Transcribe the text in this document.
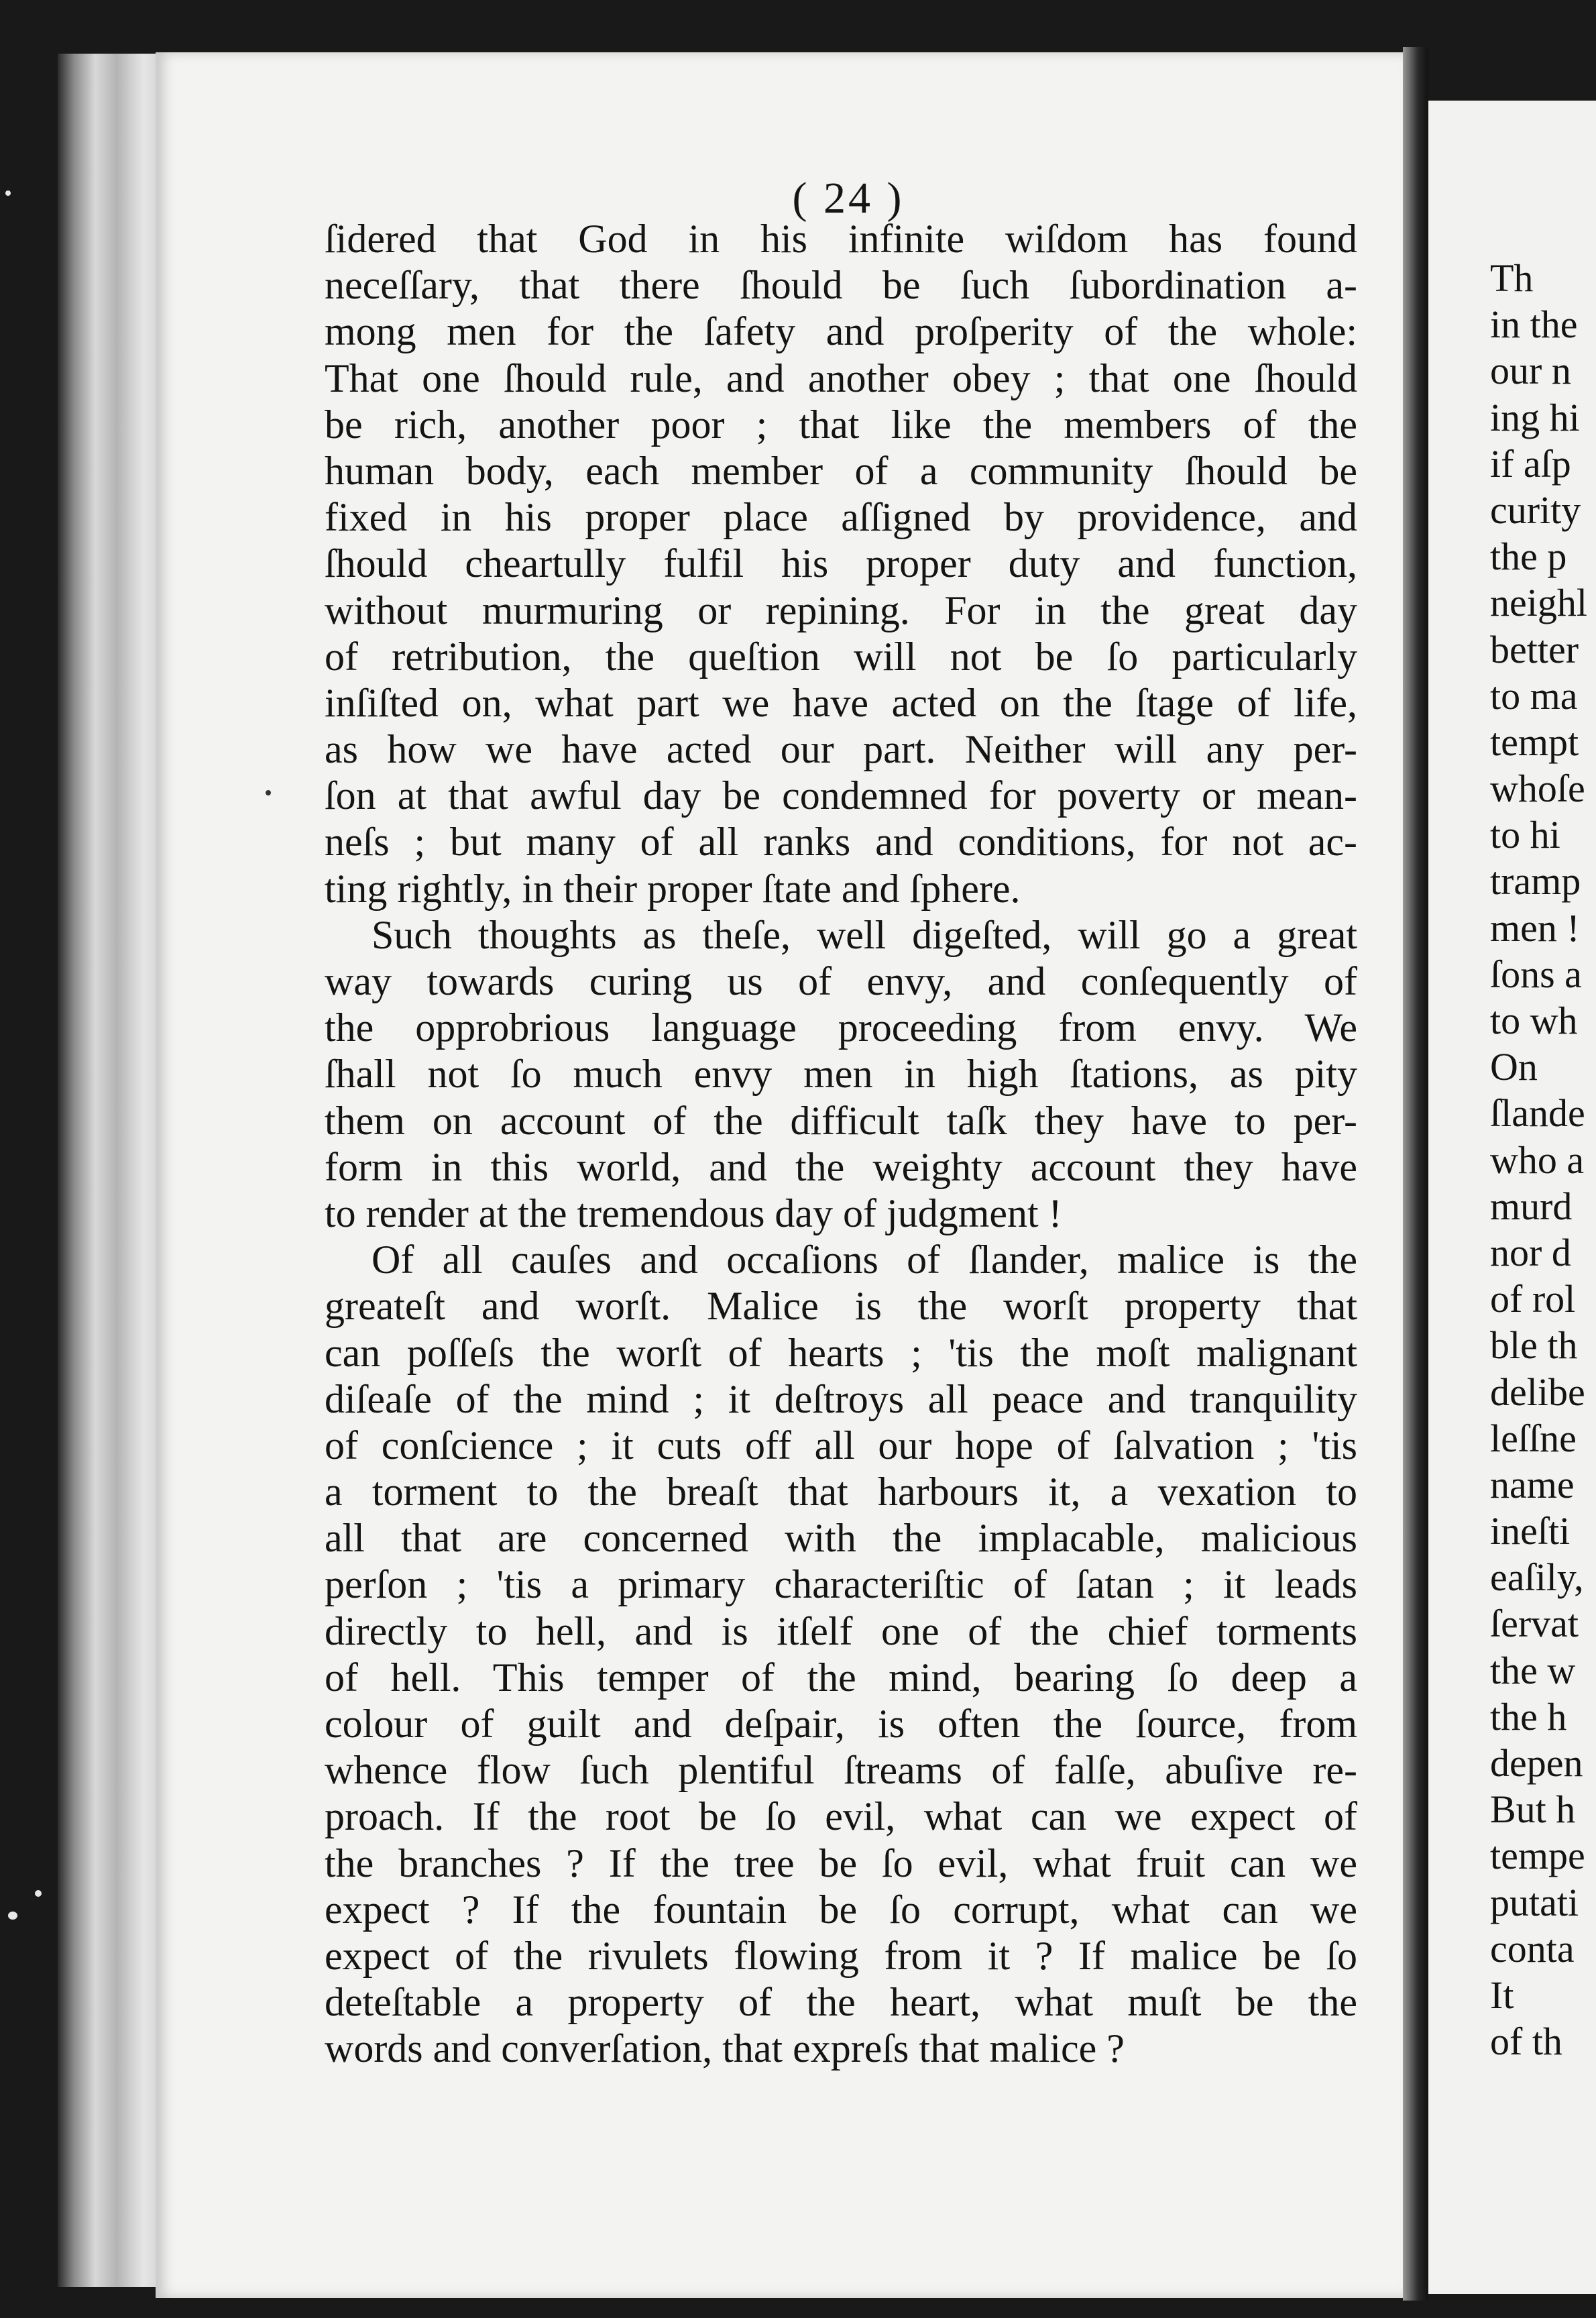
( 24 )
ſidered that God in his infinite wiſdom has found
neceſſary, that there ſhould be ſuch ſubordination a-
mong men for the ſafety and proſperity of the whole:
That one ſhould rule, and another obey ; that one ſhould
be rich, another poor ; that like the members of the
human body, each member of a community ſhould be
fixed in his proper place aſſigned by providence, and
ſhould cheartully fulfil his proper duty and function,
without murmuring or repining. For in the great day
of retribution, the queſtion will not be ſo particularly
inſiſted on, what part we have acted on the ſtage of life,
as how we have acted our part. Neither will any per-
ſon at that awful day be condemned for poverty or mean-
neſs ; but many of all ranks and conditions, for not ac-
ting rightly, in their proper ſtate and ſphere.
Such thoughts as theſe, well digeſted, will go a great
way towards curing us of envy, and conſequently of
the opprobrious language proceeding from envy. We
ſhall not ſo much envy men in high ſtations, as pity
them on account of the difficult taſk they have to per-
form in this world, and the weighty account they have
to render at the tremendous day of judgment !
Of all cauſes and occaſions of ſlander, malice is the
greateſt and worſt. Malice is the worſt property that
can poſſeſs the worſt of hearts ; 'tis the moſt malignant
diſeaſe of the mind ; it deſtroys all peace and tranquility
of conſcience ; it cuts off all our hope of ſalvation ; 'tis
a torment to the breaſt that harbours it, a vexation to
all that are concerned with the implacable, malicious
perſon ; 'tis a primary characteriſtic of ſatan ; it leads
directly to hell, and is itſelf one of the chief torments
of hell. This temper of the mind, bearing ſo deep a
colour of guilt and deſpair, is often the ſource, from
whence flow ſuch plentiful ſtreams of falſe, abuſive re-
proach. If the root be ſo evil, what can we expect of
the branches ? If the tree be ſo evil, what fruit can we
expect ? If the fountain be ſo corrupt, what can we
expect of the rivulets flowing from it ? If malice be ſo
deteſtable a property of the heart, what muſt be the
words and converſation, that expreſs that malice ?
Th
in the
our n
ing hi
if aſp
curity
the p
neighl
better
to ma
tempt
whoſe
to hi
tramp
men !
ſons a
to wh
On
ſlande
who a
murd
nor d
of rol
ble th
delibe
leſſne
name
ineſti
eaſily,
ſervat
the w
the h
depen
But h
tempe
putati
conta
It
of th
